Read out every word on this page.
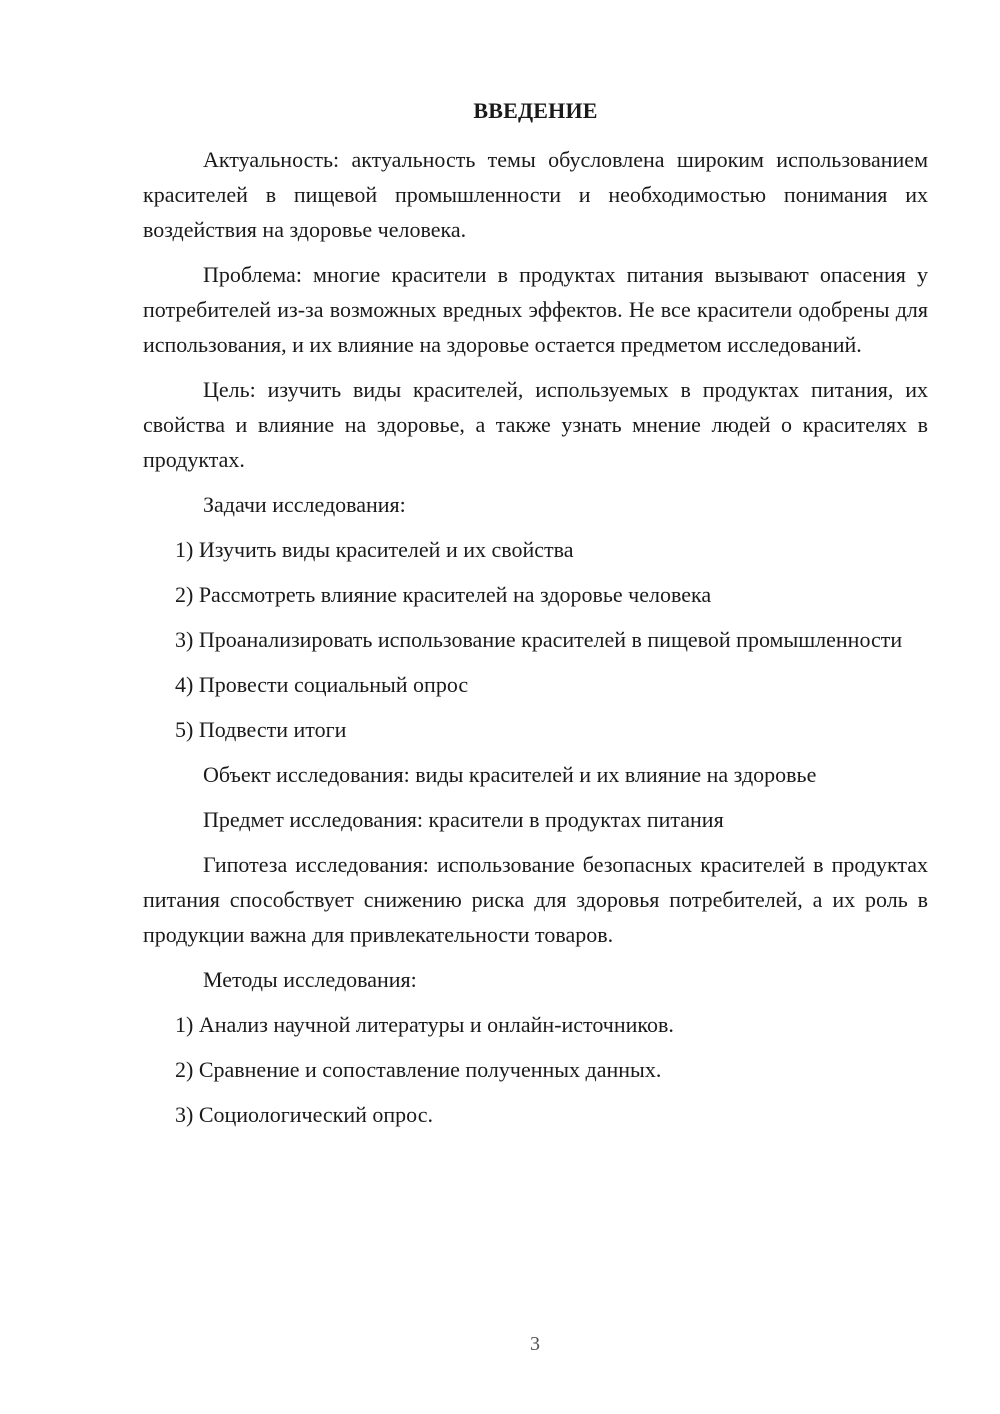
ВВЕДЕНИЕ

Актуальность: актуальность темы обусловлена широким использованием красителей в пищевой промышленности и необходимостью понимания их воздействия на здоровье человека.

Проблема: многие красители в продуктах питания вызывают опасения у потребителей из-за возможных вредных эффектов. Не все красители одобрены для использования, и их влияние на здоровье остается предметом исследований.

Цель: изучить виды красителей, используемых в продуктах питания, их свойства и влияние на здоровье, а также узнать мнение людей о красителях в продуктах.

Задачи исследования:

1) Изучить виды красителей и их свойства

2) Рассмотреть влияние красителей на здоровье человека

3) Проанализировать использование красителей в пищевой промышленности

4) Провести социальный опрос

5) Подвести итоги

Объект исследования: виды красителей и их влияние на здоровье

Предмет исследования: красители в продуктах питания

Гипотеза исследования: использование безопасных красителей в продуктах питания способствует снижению риска для здоровья потребителей, а их роль в продукции важна для привлекательности товаров.

Методы исследования:

1) Анализ научной литературы и онлайн-источников.

2) Сравнение и сопоставление полученных данных.

3) Социологический опрос.

3
